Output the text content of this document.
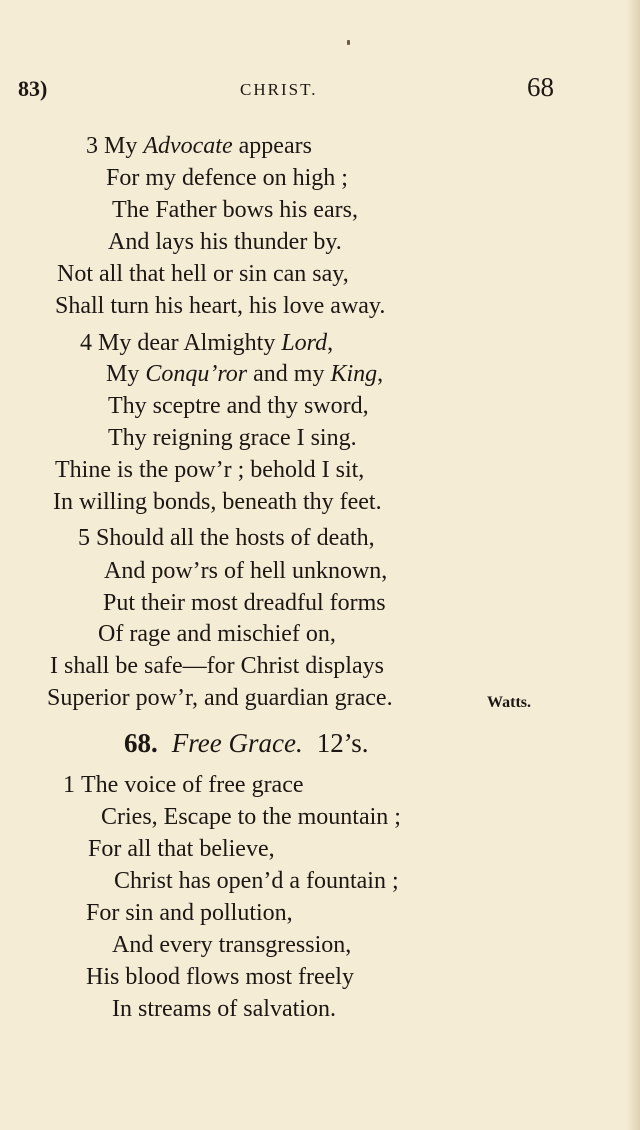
83)	CHRIST.	68
3 My Advocate appears
For my defence on high ;
The Father bows his ears,
And lays his thunder by.
Not all that hell or sin can say,
Shall turn his heart, his love away.
4 My dear Almighty Lord,
My Conqu’ror and my King,
Thy sceptre and thy sword,
Thy reigning grace I sing.
Thine is the pow’r ; behold I sit,
In willing bonds, beneath thy feet.
5 Should all the hosts of death,
And pow’rs of hell unknown,
Put their most dreadful forms
Of rage and mischief on,
I shall be safe—for Christ displays
Superior pow’r, and guardian grace.	Watts.
68. Free Grace. 12’s.
1 The voice of free grace
Cries, Escape to the mountain ;
For all that believe,
Christ has open’d a fountain ;
For sin and pollution,
And every transgression,
His blood flows most freely
In streams of salvation.
